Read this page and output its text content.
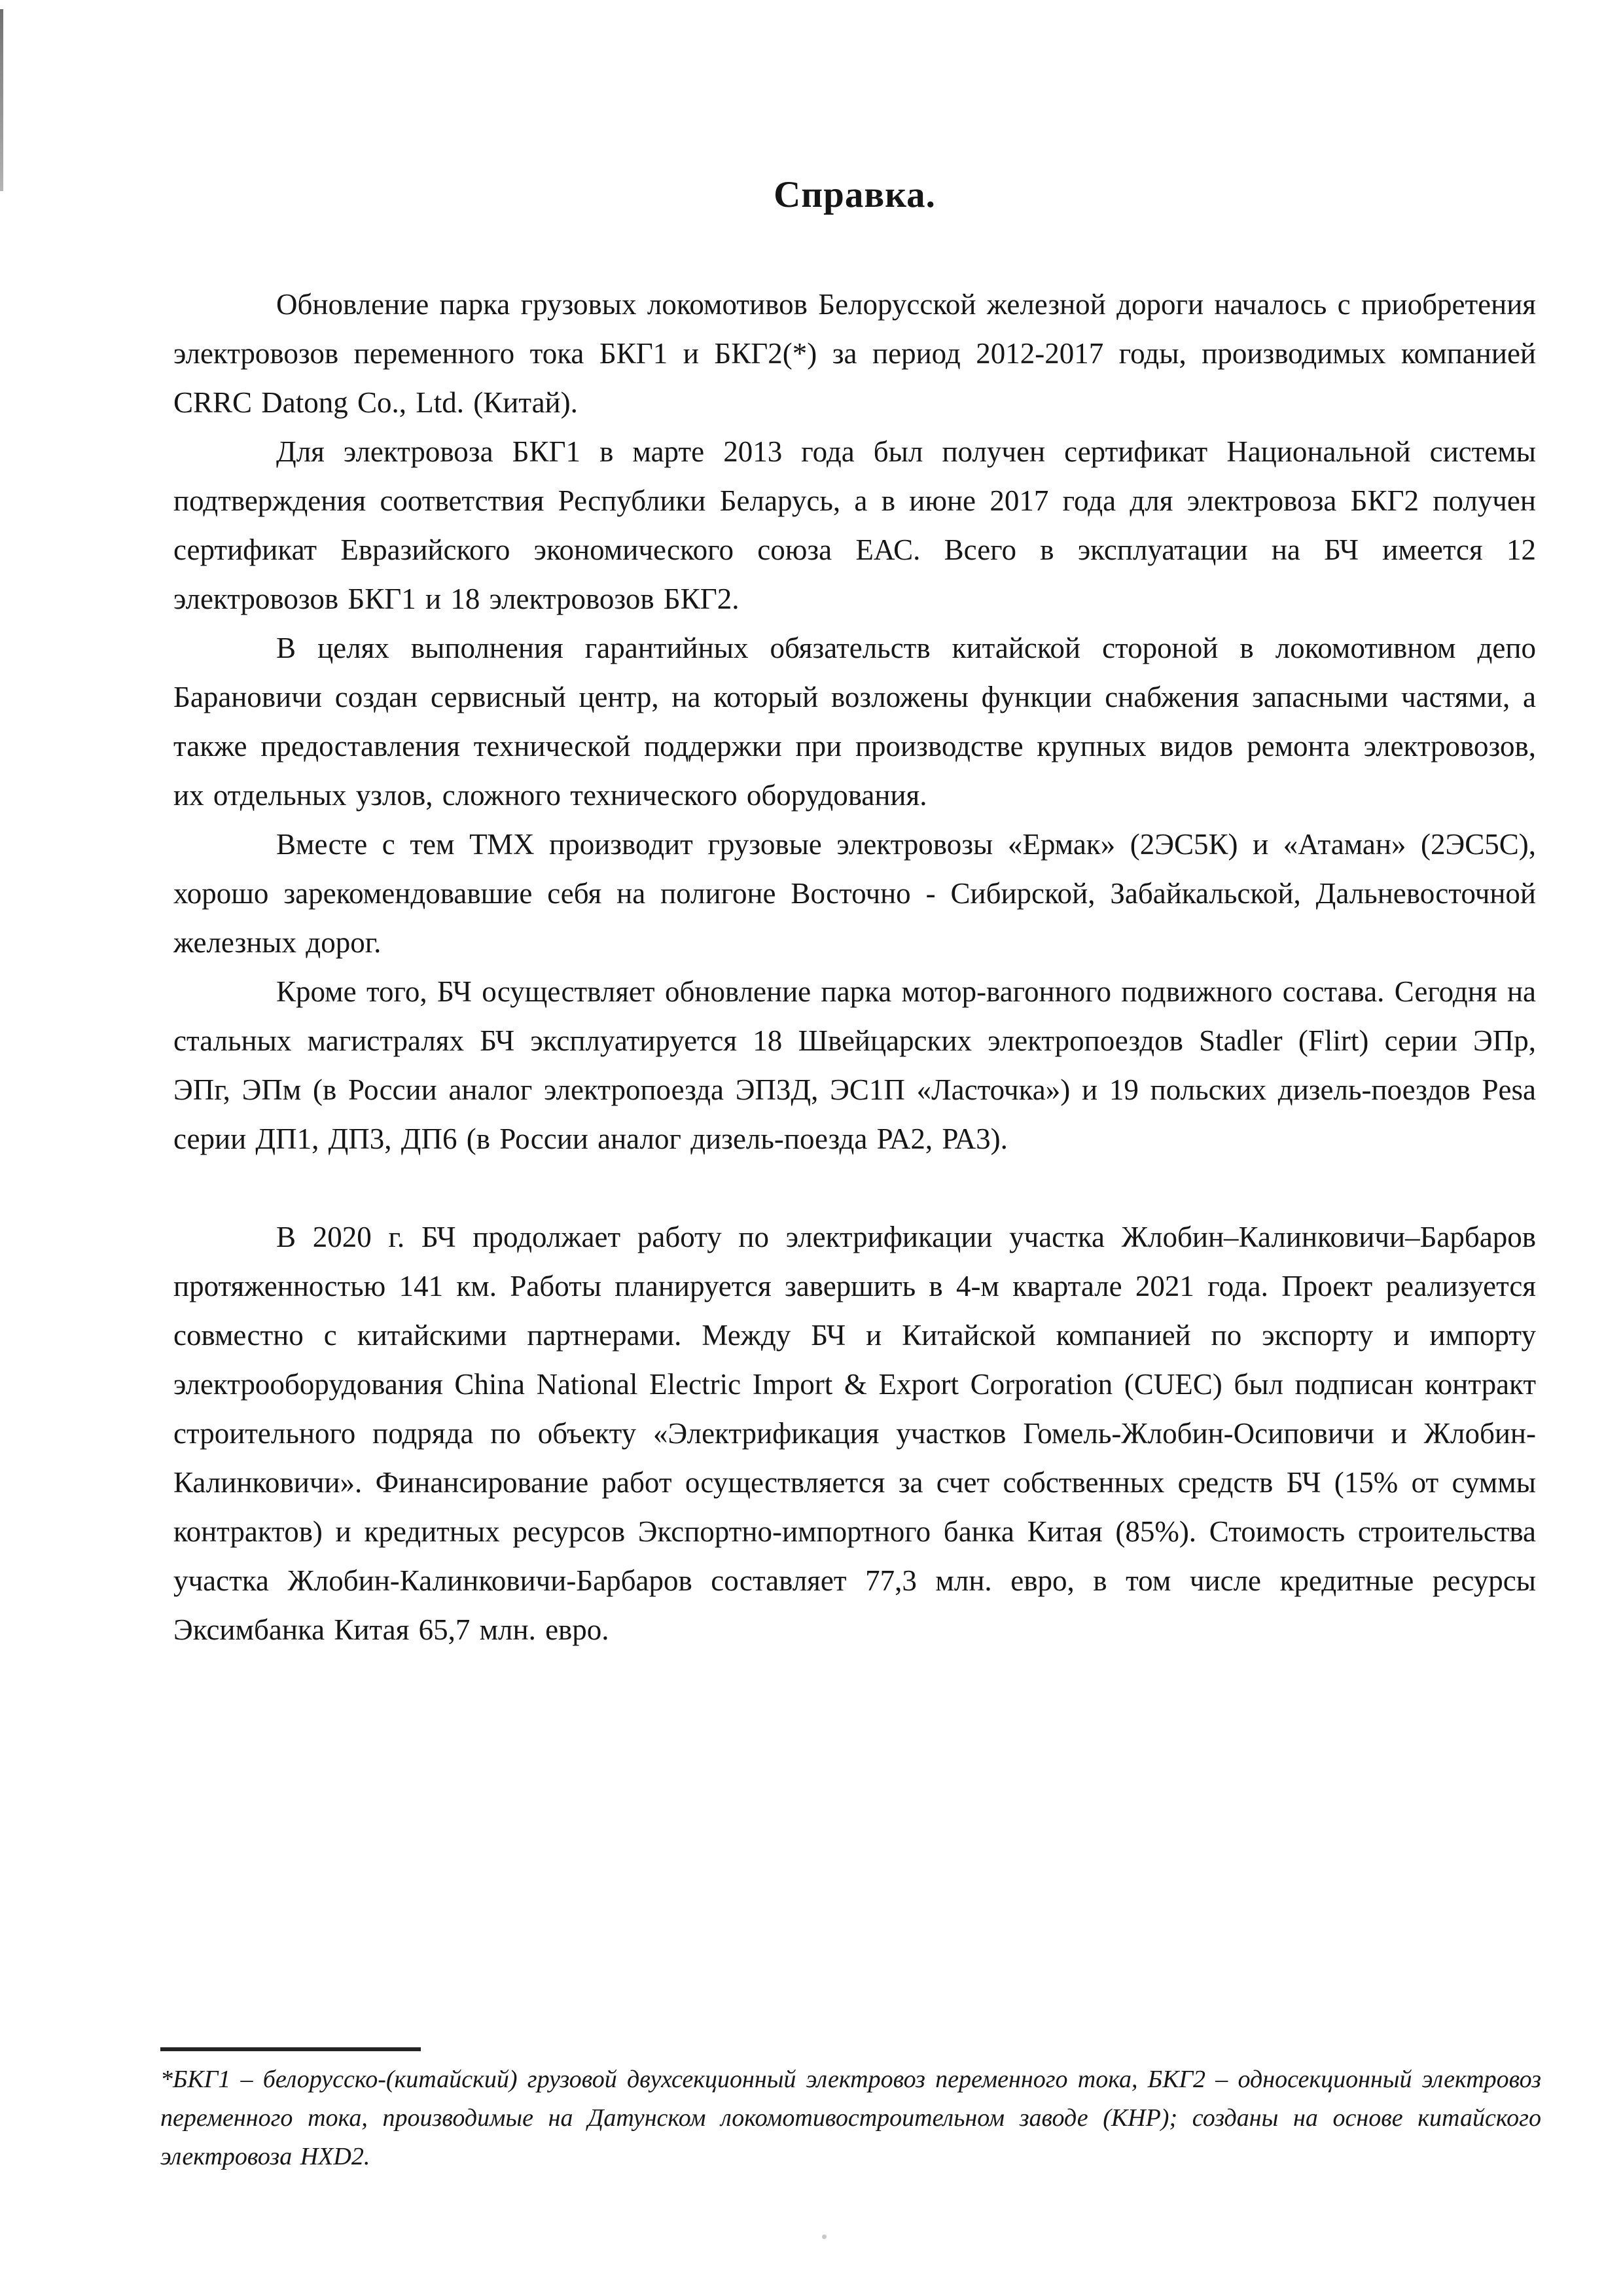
Справка.

Обновление парка грузовых локомотивов Белорусской железной дороги началось с приобретения электровозов переменного тока БКГ1 и БКГ2(*) за период 2012-2017 годы, производимых компанией CRRC Datong Co., Ltd. (Китай).

Для электровоза БКГ1 в марте 2013 года был получен сертификат Национальной системы подтверждения соответствия Республики Беларусь, а в июне 2017 года для электровоза БКГ2 получен сертификат Евразийского экономического союза ЕАС. Всего в эксплуатации на БЧ имеется 12 электровозов БКГ1 и 18 электровозов БКГ2.

В целях выполнения гарантийных обязательств китайской стороной в локомотивном депо Барановичи создан сервисный центр, на который возложены функции снабжения запасными частями, а также предоставления технической поддержки при производстве крупных видов ремонта электровозов, их отдельных узлов, сложного технического оборудования.

Вместе с тем ТМХ производит грузовые электровозы «Ермак» (2ЭС5К) и «Атаман» (2ЭС5С), хорошо зарекомендовавшие себя на полигоне Восточно - Сибирской, Забайкальской, Дальневосточной железных дорог.

Кроме того, БЧ осуществляет обновление парка мотор-вагонного подвижного состава. Сегодня на стальных магистралях БЧ эксплуатируется 18 Швейцарских электропоездов Stadler (Flirt) серии ЭПр, ЭПг, ЭПм (в России аналог электропоезда ЭП3Д, ЭС1П «Ласточка») и 19 польских дизель-поездов Pesa серии ДП1, ДП3, ДП6 (в России аналог дизель-поезда РА2, РА3).

В 2020 г. БЧ продолжает работу по электрификации участка Жлобин–Калинковичи–Барбаров протяженностью 141 км. Работы планируется завершить в 4-м квартале 2021 года. Проект реализуется совместно с китайскими партнерами. Между БЧ и Китайской компанией по экспорту и импорту электрооборудования China National Electric Import & Export Corporation (CUEC) был подписан контракт строительного подряда по объекту «Электрификация участков Гомель-Жлобин-Осиповичи и Жлобин-Калинковичи». Финансирование работ осуществляется за счет собственных средств БЧ (15% от суммы контрактов) и кредитных ресурсов Экспортно-импортного банка Китая (85%). Стоимость строительства участка Жлобин-Калинковичи-Барбаров составляет 77,3 млн. евро, в том числе кредитные ресурсы Эксимбанка Китая 65,7 млн. евро.

*БКГ1 – белорусско-(китайский) грузовой двухсекционный электровоз переменного тока, БКГ2 – односекционный электровоз переменного тока, производимые на Датунском локомотивостроительном заводе (КНР); созданы на основе китайского электровоза HXD2.
